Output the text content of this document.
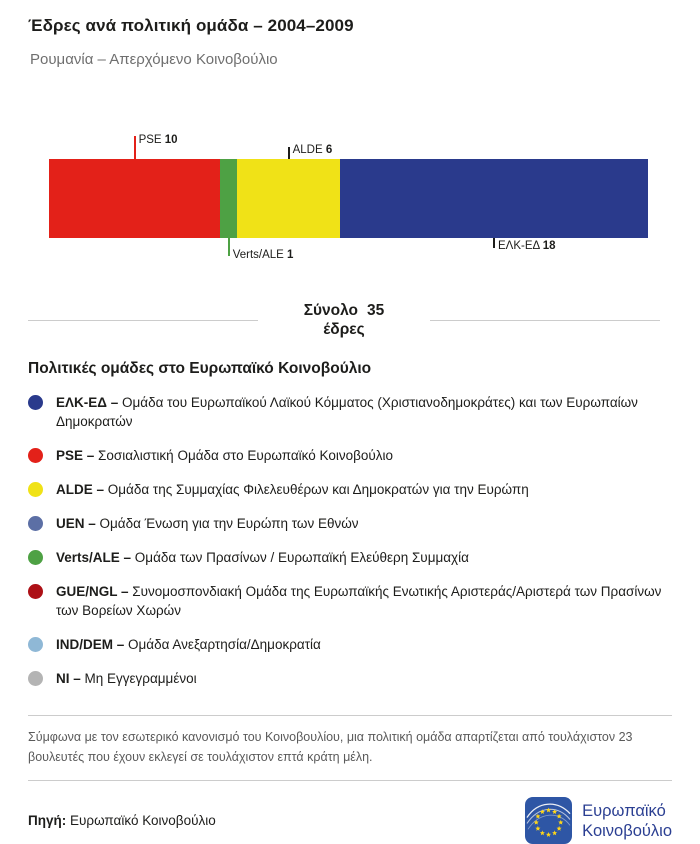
Έδρες ανά πολιτική ομάδα – 2004–2009
Ρουμανία – Απερχόμενο Κοινοβούλιο
PSE 10
Verts/ALE 1
ALDE 6
ΕΛΚ-ΕΔ 18
Σύνολο 35
έδρες
Πολιτικές ομάδες στο Ευρωπαϊκό Κοινοβούλιο
ΕΛΚ-ΕΔ – Ομάδα του Ευρωπαϊκού Λαϊκού Κόμματος (Χριστιανοδημοκράτες) και των Ευρωπαίων Δημοκρατών
PSE – Σοσιαλιστική Ομάδα στο Ευρωπαϊκό Κοινοβούλιο
ALDE – Ομάδα της Συμμαχίας Φιλελευθέρων και Δημοκρατών για την Ευρώπη
UEN – Ομάδα Ένωση για την Ευρώπη των Εθνών
Verts/ALE – Ομάδα των Πρασίνων / Ευρωπαϊκή Ελεύθερη Συμμαχία
GUE/NGL – Συνομοσπονδιακή Ομάδα της Ευρωπαϊκής Ενωτικής Αριστεράς/Αριστερά των Πρασίνων των Βορείων Χωρών
IND/DEM – Ομάδα Ανεξαρτησία/Δημοκρατία
NI – Μη Εγγεγραμμένοι

Σύμφωνα με τον εσωτερικό κανονισμό του Κοινοβουλίου, μια πολιτική ομάδα απαρτίζεται από τουλάχιστον 23 βουλευτές που έχουν εκλεγεί σε τουλάχιστον επτά κράτη μέλη.

Πηγή: Ευρωπαϊκό Κοινοβούλιο

Ευρωπαϊκό
Κοινοβούλιο
